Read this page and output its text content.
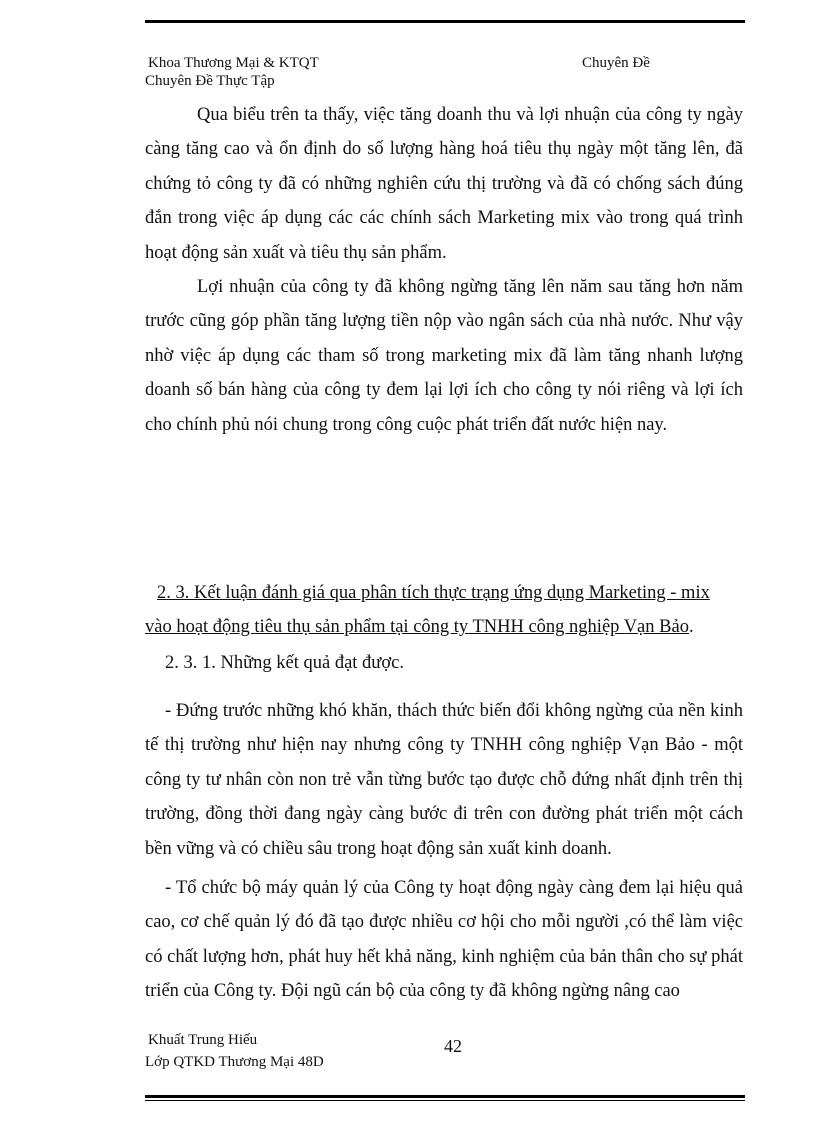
Khoa Thương Mại & KTQT	Chuyên Đề
Chuyên Đề Thực Tập

Qua biểu trên ta thấy, việc tăng doanh thu và lợi nhuận của công ty ngày càng tăng cao và ổn định do số lượng hàng hoá tiêu thụ ngày một tăng lên, đã chứng tỏ công ty đã có những nghiên cứu thị trường và đã có chống sách đúng đắn trong việc áp dụng các các chính sách Marketing mix vào trong quá trình hoạt động sản xuất và tiêu thụ sản phẩm.

Lợi nhuận của công ty đã không ngừng tăng lên năm sau tăng hơn năm trước cũng góp phần tăng lượng tiền nộp vào ngân sách của nhà nước. Như vậy nhờ việc áp dụng các tham số trong marketing mix đã làm tăng nhanh lượng doanh số bán hàng của công ty đem lại lợi ích cho công ty nói riêng và lợi ích cho chính phủ nói chung trong công cuộc phát triển đất nước hiện nay.

2. 3. Kết luận đánh giá qua phân tích thực trạng ứng dụng Marketing - mix
vào hoạt động tiêu thụ sản phẩm tại công ty TNHH công nghiệp Vạn Bảo.
2. 3. 1. Những kết quả đạt được.

- Đứng trước những khó khăn, thách thức biến đổi không ngừng của nền kinh tế thị trường như hiện nay nhưng công ty TNHH công nghiệp Vạn Bảo - một công ty tư nhân còn non trẻ vẫn từng bước tạo được chỗ đứng nhất định trên thị trường, đồng thời đang ngày càng bước đi trên con đường phát triển một cách bền vững và có chiều sâu trong hoạt động sản xuất kinh doanh.

- Tổ chức bộ máy quản lý của Công ty hoạt động ngày càng đem lại hiệu quả cao, cơ chế quản lý đó đã tạo được nhiều cơ hội cho mỗi người ,có thể làm việc có chất lượng hơn, phát huy hết khả năng, kinh nghiệm của bản thân cho sự phát triển của Công ty. Đội ngũ cán bộ của công ty đã không ngừng nâng cao

Khuất Trung Hiếu	42
Lớp QTKD Thương Mại 48D
